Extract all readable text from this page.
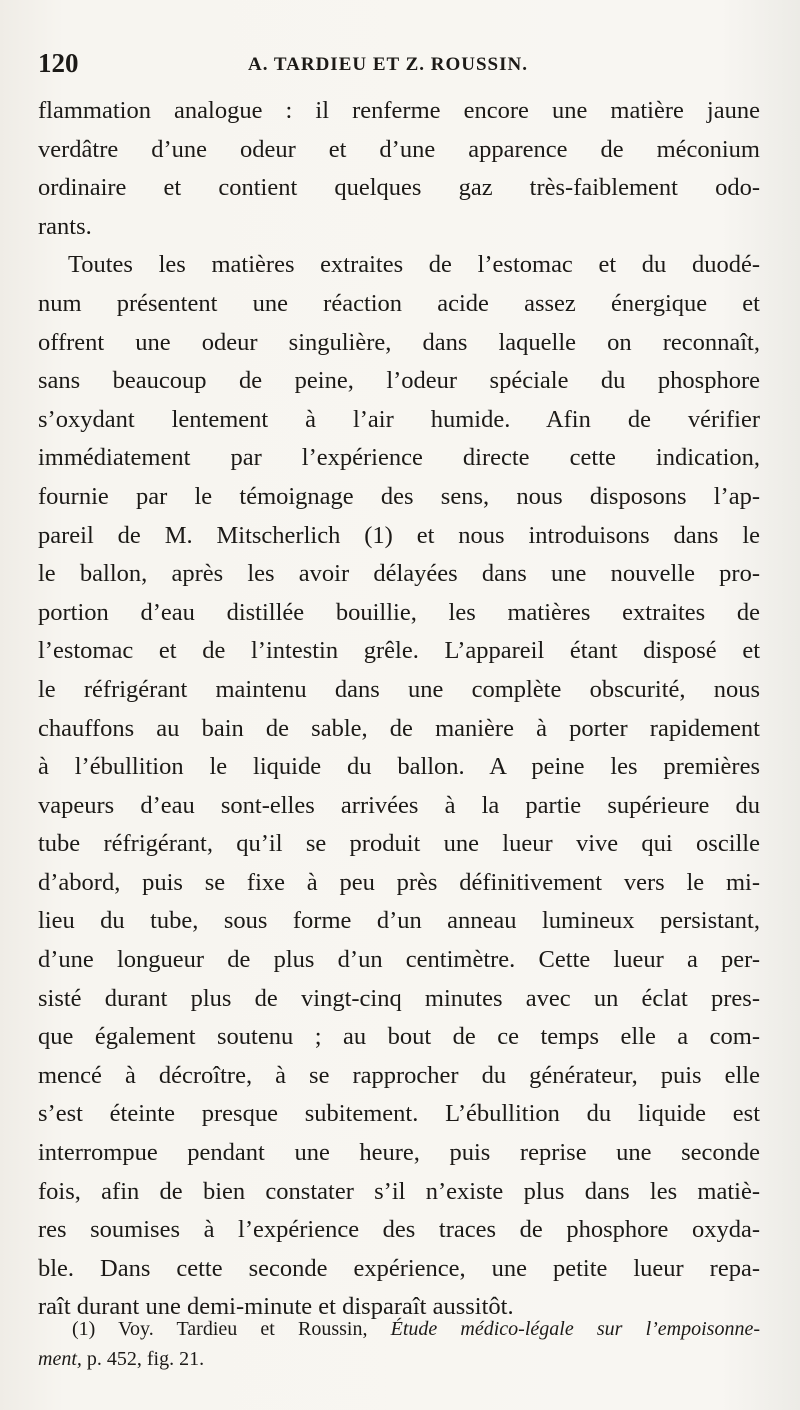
120	A. TARDIEU ET Z. ROUSSIN.
flammation analogue : il renferme encore une matière jaune
verdâtre d’une odeur et d’une apparence de méconium
ordinaire et contient quelques gaz très-faiblement odo-
rants.
Toutes les matières extraites de l’estomac et du duodé-
num présentent une réaction acide assez énergique et
offrent une odeur singulière, dans laquelle on reconnaît,
sans beaucoup de peine, l’odeur spéciale du phosphore
s’oxydant lentement à l’air humide. Afin de vérifier
immédiatement par l’expérience directe cette indication,
fournie par le témoignage des sens, nous disposons l’ap-
pareil de M. Mitscherlich (1) et nous introduisons dans le
le ballon, après les avoir délayées dans une nouvelle pro-
portion d’eau distillée bouillie, les matières extraites de
l’estomac et de l’intestin grêle. L’appareil étant disposé et
le réfrigérant maintenu dans une complète obscurité, nous
chauffons au bain de sable, de manière à porter rapidement
à l’ébullition le liquide du ballon. A peine les premières
vapeurs d’eau sont-elles arrivées à la partie supérieure du
tube réfrigérant, qu’il se produit une lueur vive qui oscille
d’abord, puis se fixe à peu près définitivement vers le mi-
lieu du tube, sous forme d’un anneau lumineux persistant,
d’une longueur de plus d’un centimètre. Cette lueur a per-
sisté durant plus de vingt-cinq minutes avec un éclat pres-
que également soutenu ; au bout de ce temps elle a com-
mencé à décroître, à se rapprocher du générateur, puis elle
s’est éteinte presque subitement. L’ébullition du liquide est
interrompue pendant une heure, puis reprise une seconde
fois, afin de bien constater s’il n’existe plus dans les matiè-
res soumises à l’expérience des traces de phosphore oxyda-
ble. Dans cette seconde expérience, une petite lueur repa-
raît durant une demi-minute et disparaît aussitôt.
(1) Voy. Tardieu et Roussin, Étude médico-légale sur l’empoisonne-
ment, p. 452, fig. 21.
